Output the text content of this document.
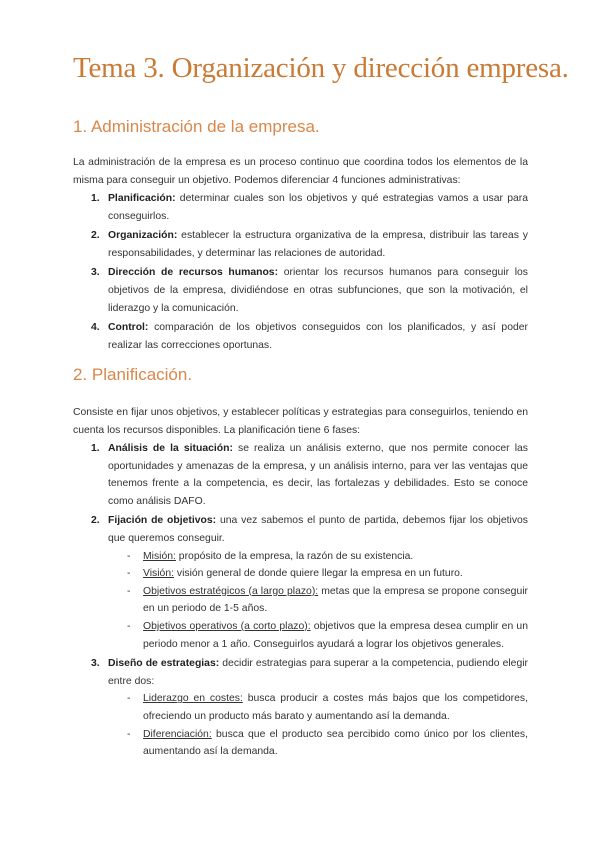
Tema 3. Organización y dirección empresa.
1. Administración de la empresa.

La administración de la empresa es un proceso continuo que coordina todos los elementos de la misma para conseguir un objetivo. Podemos diferenciar 4 funciones administrativas:

1. Planificación: determinar cuales son los objetivos y qué estrategias vamos a usar para conseguirlos.
2. Organización: establecer la estructura organizativa de la empresa, distribuir las tareas y responsabilidades, y determinar las relaciones de autoridad.
3. Dirección de recursos humanos: orientar los recursos humanos para conseguir los objetivos de la empresa, dividiéndose en otras subfunciones, que son la motivación, el liderazgo y la comunicación.
4. Control: comparación de los objetivos conseguidos con los planificados, y así poder realizar las correcciones oportunas.
2. Planificación.

Consiste en fijar unos objetivos, y establecer políticas y estrategias para conseguirlos, teniendo en cuenta los recursos disponibles. La planificación tiene 6 fases:

1. Análisis de la situación: se realiza un análisis externo, que nos permite conocer las oportunidades y amenazas de la empresa, y un análisis interno, para ver las ventajas que tenemos frente a la competencia, es decir, las fortalezas y debilidades. Esto se conoce como análisis DAFO.
2. Fijación de objetivos: una vez sabemos el punto de partida, debemos fijar los objetivos que queremos conseguir.
- Misión: propósito de la empresa, la razón de su existencia.
- Visión: visión general de donde quiere llegar la empresa en un futuro.
- Objetivos estratégicos (a largo plazo): metas que la empresa se propone conseguir en un periodo de 1-5 años.
- Objetivos operativos (a corto plazo): objetivos que la empresa desea cumplir en un periodo menor a 1 año. Conseguirlos ayudará a lograr los objetivos generales.
3. Diseño de estrategias: decidir estrategias para superar a la competencia, pudiendo elegir entre dos:
- Liderazgo en costes: busca producir a costes más bajos que los competidores, ofreciendo un producto más barato y aumentando así la demanda.
- Diferenciación: busca que el producto sea percibido como único por los clientes, aumentando así la demanda.
